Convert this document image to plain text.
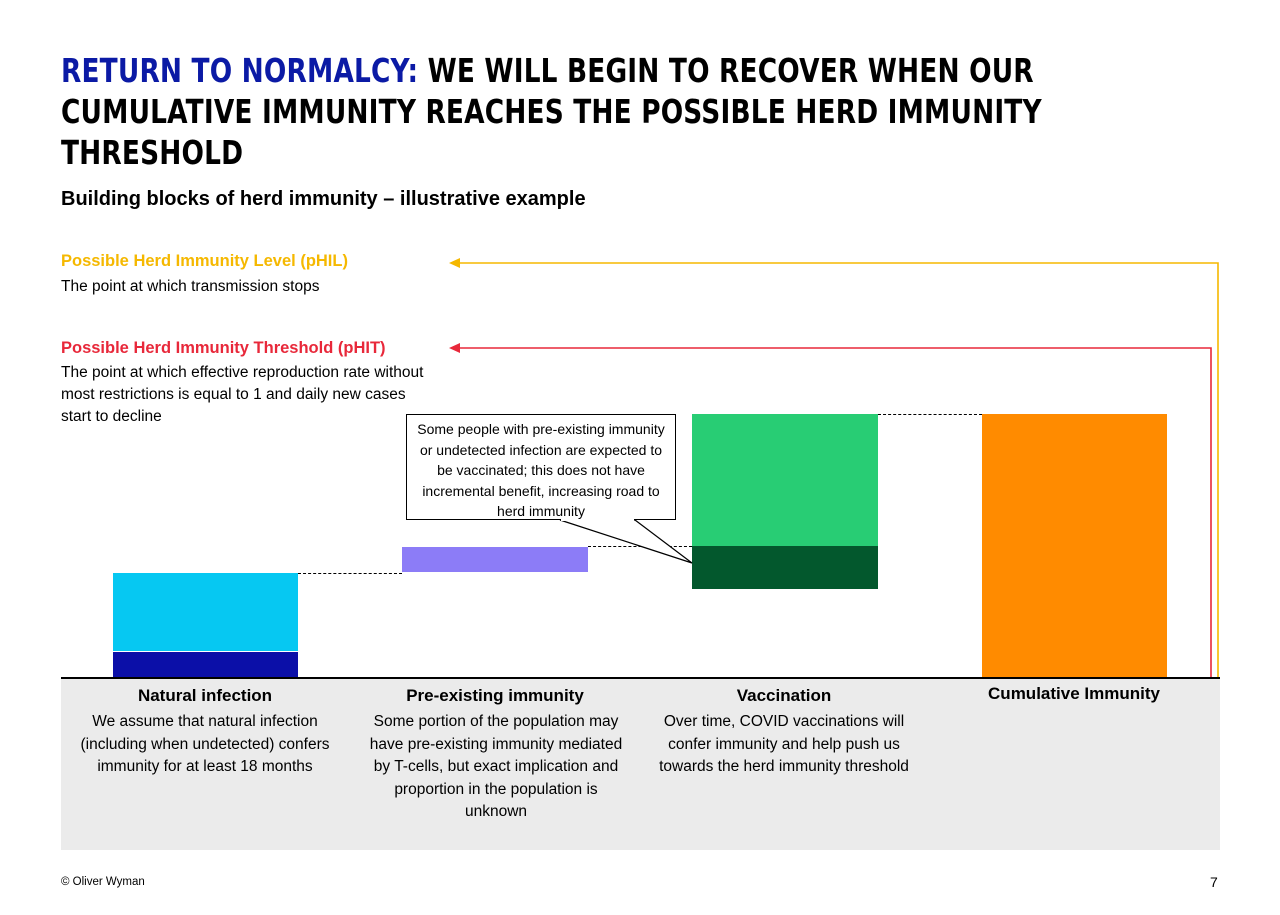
RETURN TO NORMALCY: WE WILL BEGIN TO RECOVER WHEN OUR CUMULATIVE IMMUNITY REACHES THE POSSIBLE HERD IMMUNITY THRESHOLD
Building blocks of herd immunity – illustrative example

Possible Herd Immunity Level (pHIL)

The point at which transmission stops

Possible Herd Immunity Threshold (pHIT)

The point at which effective reproduction rate without most restrictions is equal to 1 and daily new cases start to decline

Some people with pre-existing immunity or undetected infection are expected to be vaccinated; this does not have incremental benefit, increasing road to herd immunity

Natural infection

We assume that natural infection (including when undetected) confers immunity for at least 18 months

Pre-existing immunity

Some portion of the population may have pre-existing immunity mediated by T-cells, but exact implication and proportion in the population is unknown

Vaccination

Over time, COVID vaccinations will confer immunity and help push us towards the herd immunity threshold

Cumulative Immunity

© Oliver Wyman	7
